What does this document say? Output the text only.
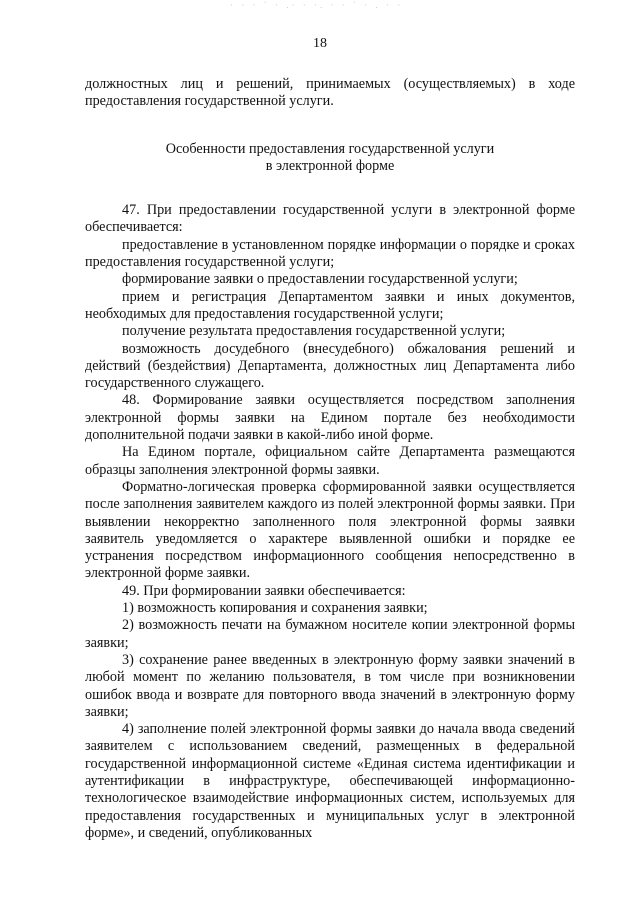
· · · ` · .· · ·. · · ´ · . · ·
18

должностных лиц и решений, принимаемых (осуществляемых) в ходе предоставления государственной услуги.

Особенности предоставления государственной услуги
в электронной форме

47. При предоставлении государственной услуги в электронной форме обеспечивается:

предоставление в установленном порядке информации о порядке и сроках предоставления государственной услуги;

формирование заявки о предоставлении государственной услуги;

прием и регистрация Департаментом заявки и иных документов, необходимых для предоставления государственной услуги;

получение результата предоставления государственной услуги;

возможность досудебного (внесудебного) обжалования решений и действий (бездействия) Департамента, должностных лиц Департамента либо государственного служащего.

48. Формирование заявки осуществляется посредством заполнения электронной формы заявки на Едином портале без необходимости дополнительной подачи заявки в какой-либо иной форме.

На Едином портале, официальном сайте Департамента размещаются образцы заполнения электронной формы заявки.

Форматно-логическая проверка сформированной заявки осуществляется после заполнения заявителем каждого из полей электронной формы заявки. При выявлении некорректно заполненного поля электронной формы заявки заявитель уведомляется о характере выявленной ошибки и порядке ее устранения посредством информационного сообщения непосредственно в электронной форме заявки.

49. При формировании заявки обеспечивается:

1) возможность копирования и сохранения заявки;

2) возможность печати на бумажном носителе копии электронной формы заявки;

3) сохранение ранее введенных в электронную форму заявки значений в любой момент по желанию пользователя, в том числе при возникновении ошибок ввода и возврате для повторного ввода значений в электронную форму заявки;

4) заполнение полей электронной формы заявки до начала ввода сведений заявителем с использованием сведений, размещенных в федеральной государственной информационной системе «Единая система идентификации и аутентификации в инфраструктуре, обеспечивающей информационно-технологическое взаимодействие информационных систем, используемых для предоставления государственных и муниципальных услуг в электронной форме», и сведений, опубликованных
